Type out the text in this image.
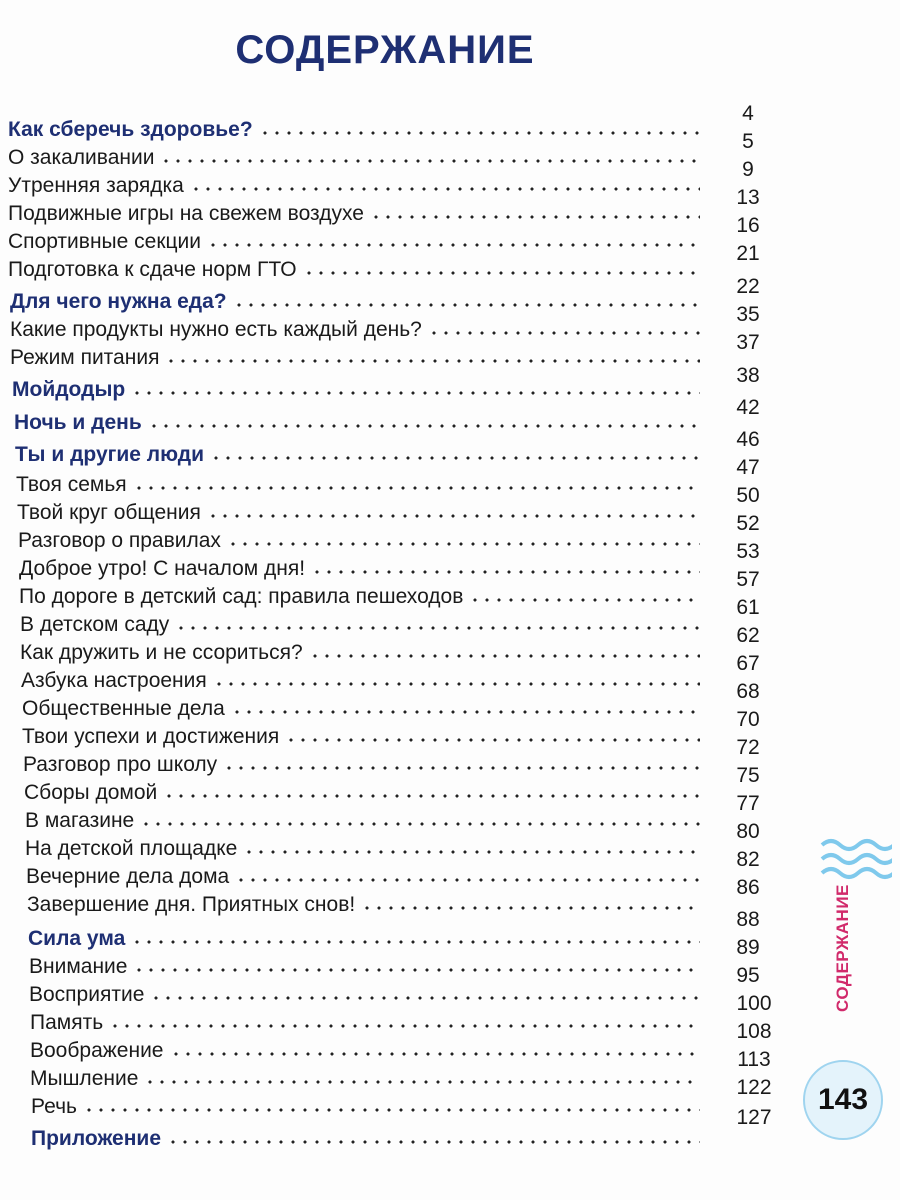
СОДЕРЖАНИЕ
Как сберечь здоровье?
О закаливании
Утренняя зарядка
Подвижные игры на свежем воздухе
Спортивные секции
Подготовка к сдаче норм ГТО
Для чего нужна еда?
Какие продукты нужно есть каждый день?
Режим питания
Мойдодыр
Ночь и день
Ты и другие люди
Твоя семья
Твой круг общения
Разговор о правилах
Доброе утро! С началом дня!
По дороге в детский сад: правила пешеходов
В детском саду
Как дружить и не ссориться?
Азбука настроения
Общественные дела
Твои успехи и достижения
Разговор про школу
Сборы домой
В магазине
На детской площадке
Вечерние дела дома
Завершение дня. Приятных снов!
Сила ума
Внимание
Восприятие
Память
Воображение
Мышление
Речь
Приложение
4
5
9
13
16
21
22
35
37
38
42
46
47
50
52
53
57
61
62
67
68
70
72
75
77
80
82
86
88
89
95
100
108
113
122
127
СОДЕРЖАНИЕ
143
